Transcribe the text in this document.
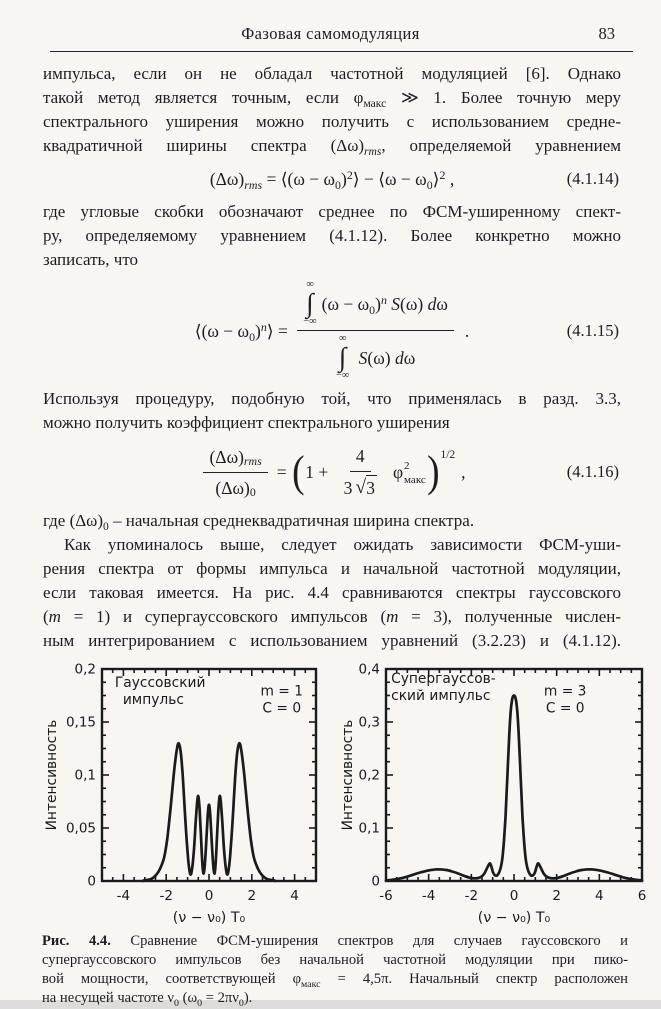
Фазовая самомодуляция	83
импульса, если он не обладал частотной модуляцией [6]. Однако
такой метод является точным, если $\varphi_{макс}$ ≫ 1. Более точную меру
спектрального уширения можно получить с использованием средне-
квадратичной ширины спектра $(\Delta\omega)_{rms}$, определяемой уравнением
$(\Delta\omega)_{rms}$ = ⟨(ω − $\omega_0)^2⟩$ − ⟨ω − $\omega_0⟩^2$ ,	(4.1.14)
где угловые скобки обозначают среднее по ФСМ-уширенному спект-
ру, определяемому уравнением (4.1.12). Более конкретно можно
записать, что
⟨(ω − $\omega_0)^n⟩$ =
∞
∫
−∞
$(\omega - \omega_0)^n$ S(ω) dω
∞
∫
−∞
S(ω) dω
.	(4.1.15)
Используя процедуру, подобную той, что применялась в разд. 3.3,
можно получить коэффициент спектрального уширения
$\frac{(\Delta\omega)_{rms}}{(\Delta\omega)_0}$ = ( $1 + \frac{4}{3 √ 3}$ φ 2
макс ) 1/2
,	(4.1.16)
где $(\Delta\omega)_0$ – начальная среднеквадратичная ширина спектра.
Как упоминалось выше, следует ожидать зависимости ФСМ-уши-
рения спектра от формы импульса и начальной частотной модуляции,
если таковая имеется. На рис. 4.4 сравниваются спектры гауссовского
(m = 1) и супергауссовского импульсов (m = 3), полученные числен-
ным интегрированием с использованием уравнений (3.2.23) и (4.1.12).
-4 -2 0	2	4
0
0,05
0,1
0,15
0,2
Интенсивность
(ν − ν₀) T₀
Гауссовский
импульс
m = 1
C = 0
-6 -4 -2 0	2	4	6
0
0,1
0,2
0,3
0,4
Интенсивность
(ν − ν₀) T₀
Супергауссов-
ский импульс	m = 3
C = 0
Рис. 4.4. Сравнение ФСМ-уширения спектров для случаев гауссовского и
супергауссовского импульсов без начальной частотной модуляции при пико-
вой мощности, соответствующей $\varphi_{макс} = 4,5\pi$. Начальный спектр расположен
на несущей частоте $\nu_0$ $(\omega_0 = 2\pi\nu_0)$.
